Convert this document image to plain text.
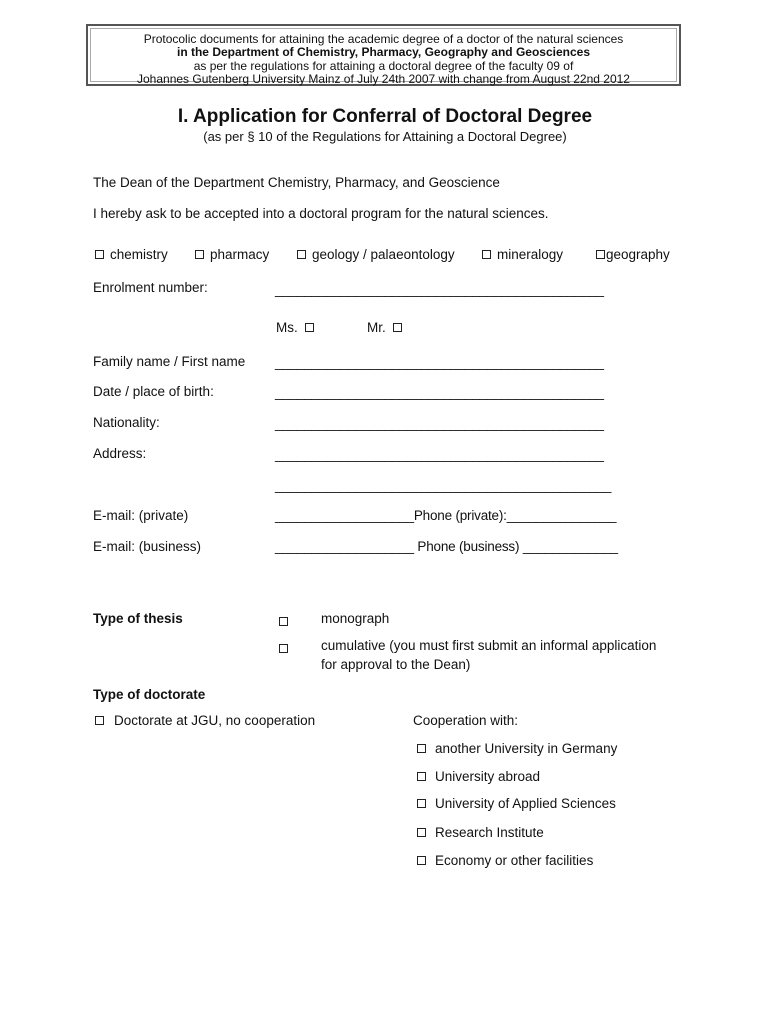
Protocolic documents for attaining the academic degree of a doctor of the natural sciences
in the Department of Chemistry, Pharmacy, Geography and Geosciences
as per the regulations for attaining a doctoral degree of the faculty 09 of
Johannes Gutenberg University Mainz of July 24th 2007 with change from August 22nd 2012
I. Application for Conferral of Doctoral Degree
(as per § 10 of the Regulations for Attaining a Doctoral Degree)
The Dean of the Department Chemistry, Pharmacy, and Geoscience
I hereby ask to be accepted into a doctoral program for the natural sciences.
chemistry	pharmacy	geology / palaeontology	mineralogy	geography
Enrolment number:	_____________________________________________
Ms.	Mr.
Family name / First name _____________________________________________
Date / place of birth:	_____________________________________________
Nationality:	_____________________________________________
Address:	_____________________________________________
______________________________________________
E-mail: (private)	___________________Phone (private):_______________
E-mail: (business)	___________________ Phone (business) _____________
Type of thesis	monograph
cumulative (you must first submit an informal application
for approval to the Dean)
Type of doctorate
Doctorate at JGU, no cooperation	Cooperation with:
another University in Germany
University abroad
University of Applied Sciences
Research Institute
Economy or other facilities
